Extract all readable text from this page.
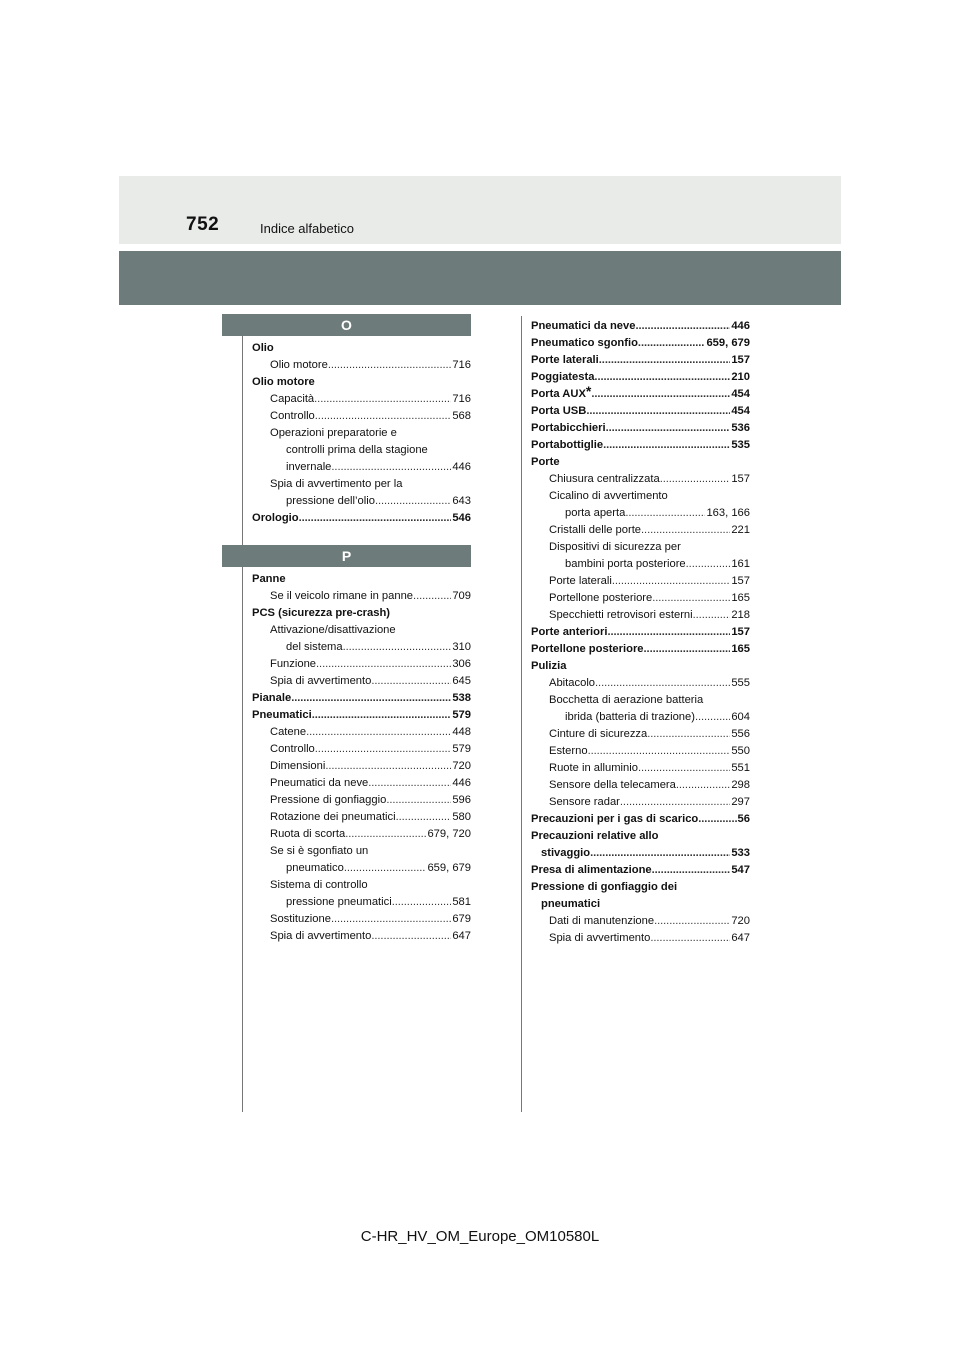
752	Indice alfabetico
O
Olio
Olio motore . . .	716
Olio motore
Capacità . . .	716
Controllo . . .	568
Operazioni preparatorie e
controlli prima della stagione
invernale . . .	446
Spia di avvertimento per la
pressione dell’olio . . .	643
Orologio . . .	546
P
Panne
Se il veicolo rimane in panne . . .	709
PCS (sicurezza pre-crash)
Attivazione/disattivazione
del sistema . . .	310
Funzione . . .	306
Spia di avvertimento . . .	645
Pianale . . .	538
Pneumatici . . .	579
Catene . . .	448
Controllo . . .	579
Dimensioni . . .	720
Pneumatici da neve . . .	446
Pressione di gonfiaggio . . .	596
Rotazione dei pneumatici . . .	580
Ruota di scorta . . .	679, 720
Se si è sgonfiato un
pneumatico . . .	659, 679
Sistema di controllo
pressione pneumatici . . .	581
Sostituzione . . .	679
Spia di avvertimento . . .	647
Pneumatici da neve . . .	446
Pneumatico sgonfio . . .	659, 679
Porte laterali . . .	157
Poggiatesta . . .	210
Porta AUX* . . .	454
Porta USB . . .	454
Portabicchieri . . .	536
Portabottiglie . . .	535
Porte
Chiusura centralizzata . . .	157
Cicalino di avvertimento
porta aperta . . .	163, 166
Cristalli delle porte . . .	221
Dispositivi di sicurezza per
bambini porta posteriore . . .	161
Porte laterali . . .	157
Portellone posteriore . . .	165
Specchietti retrovisori esterni . . .	218
Porte anteriori . . .	157
Portellone posteriore . . .	165
Pulizia
Abitacolo . . .	555
Bocchetta di aerazione batteria
ibrida (batteria di trazione) . . .	604
Cinture di sicurezza . . .	556
Esterno . . .	550
Ruote in alluminio . . .	551
Sensore della telecamera . . .	298
Sensore radar . . .	297
Precauzioni per i gas di scarico . . .	56
Precauzioni relative allo
stivaggio . . .	533
Presa di alimentazione . . .	547
Pressione di gonfiaggio dei
pneumatici
Dati di manutenzione . . .	720
Spia di avvertimento . . .	647
C-HR_HV_OM_Europe_OM10580L
